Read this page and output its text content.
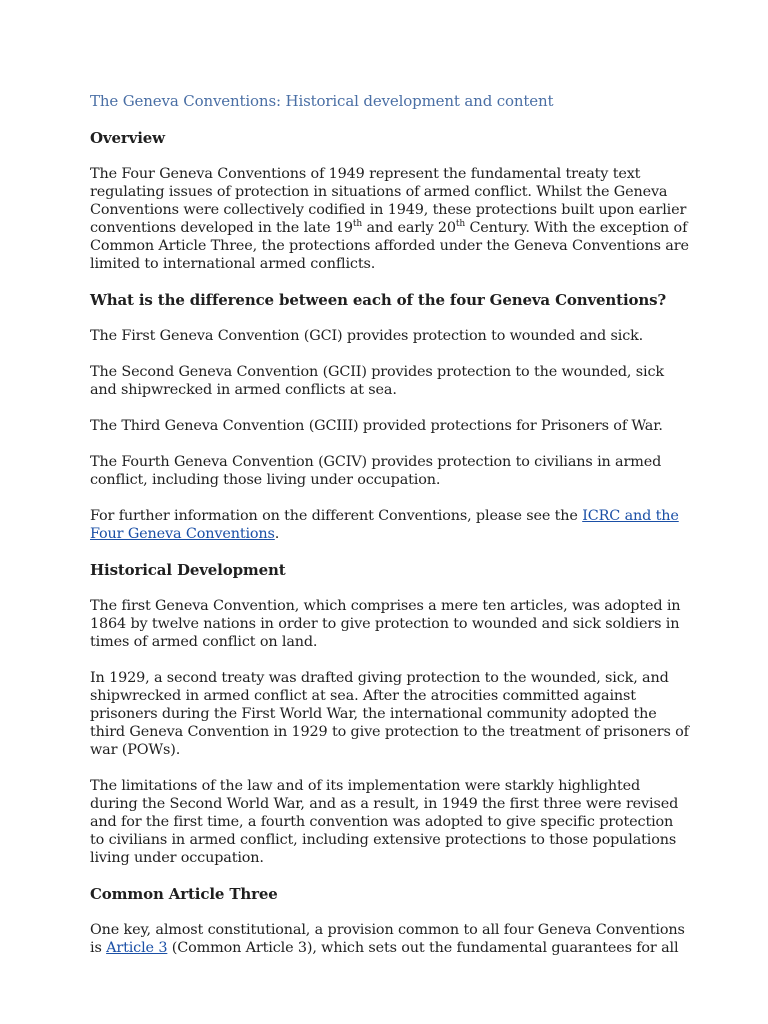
The Geneva Conventions: Historical development and content
Overview

The Four Geneva Conventions of 1949 represent the fundamental treaty text regulating issues of protection in situations of armed conflict. Whilst the Geneva Conventions were collectively codified in 1949, these protections built upon earlier conventions developed in the late 19th and early 20th Century. With the exception of Common Article Three, the protections afforded under the Geneva Conventions are limited to international armed conflicts.

What is the difference between each of the four Geneva Conventions?

The First Geneva Convention (GCI) provides protection to wounded and sick.

The Second Geneva Convention (GCII) provides protection to the wounded, sick and shipwrecked in armed conflicts at sea.

The Third Geneva Convention (GCIII) provided protections for Prisoners of War.

The Fourth Geneva Convention (GCIV) provides protection to civilians in armed conflict, including those living under occupation.

For further information on the different Conventions, please see the ICRC and the Four Geneva Conventions.

Historical Development

The first Geneva Convention, which comprises a mere ten articles, was adopted in 1864 by twelve nations in order to give protection to wounded and sick soldiers in times of armed conflict on land.

In 1929, a second treaty was drafted giving protection to the wounded, sick, and shipwrecked in armed conflict at sea. After the atrocities committed against prisoners during the First World War, the international community adopted the third Geneva Convention in 1929 to give protection to the treatment of prisoners of war (POWs).

The limitations of the law and of its implementation were starkly highlighted during the Second World War, and as a result, in 1949 the first three were revised and for the first time, a fourth convention was adopted to give specific protection to civilians in armed conflict, including extensive protections to those populations living under occupation.

Common Article Three

One key, almost constitutional, a provision common to all four Geneva Conventions is Article 3 (Common Article 3), which sets out the fundamental guarantees for all
